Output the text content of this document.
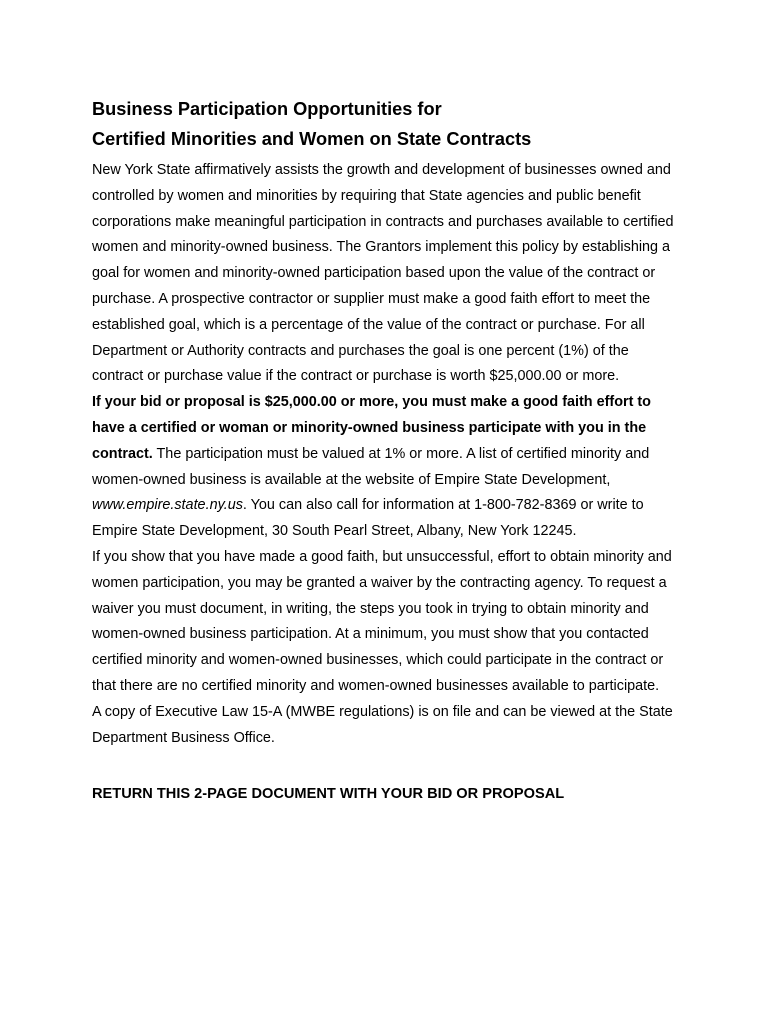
Business Participation Opportunities for
Certified Minorities and Women on State Contracts

New York State affirmatively assists the growth and development of businesses owned and controlled by women and minorities by requiring that State agencies and public benefit corporations make meaningful participation in contracts and purchases available to certified women and minority-owned business. The Grantors implement this policy by establishing a goal for women and minority-owned participation based upon the value of the contract or purchase. A prospective contractor or supplier must make a good faith effort to meet the established goal, which is a percentage of the value of the contract or purchase. For all Department or Authority contracts and purchases the goal is one percent (1%) of the contract or purchase value if the contract or purchase is worth $25,000.00 or more.

If your bid or proposal is $25,000.00 or more, you must make a good faith effort to have a certified or woman or minority-owned business participate with you in the contract. The participation must be valued at 1% or more. A list of certified minority and women-owned business is available at the website of Empire State Development, www.empire.state.ny.us. You can also call for information at 1-800-782-8369 or write to Empire State Development, 30 South Pearl Street, Albany, New York 12245.

If you show that you have made a good faith, but unsuccessful, effort to obtain minority and women participation, you may be granted a waiver by the contracting agency. To request a waiver you must document, in writing, the steps you took in trying to obtain minority and women-owned business participation. At a minimum, you must show that you contacted certified minority and women-owned businesses, which could participate in the contract or that there are no certified minority and women-owned businesses available to participate.

A copy of Executive Law 15-A (MWBE regulations) is on file and can be viewed at the State Department Business Office.

RETURN THIS 2-PAGE DOCUMENT WITH YOUR BID OR PROPOSAL
